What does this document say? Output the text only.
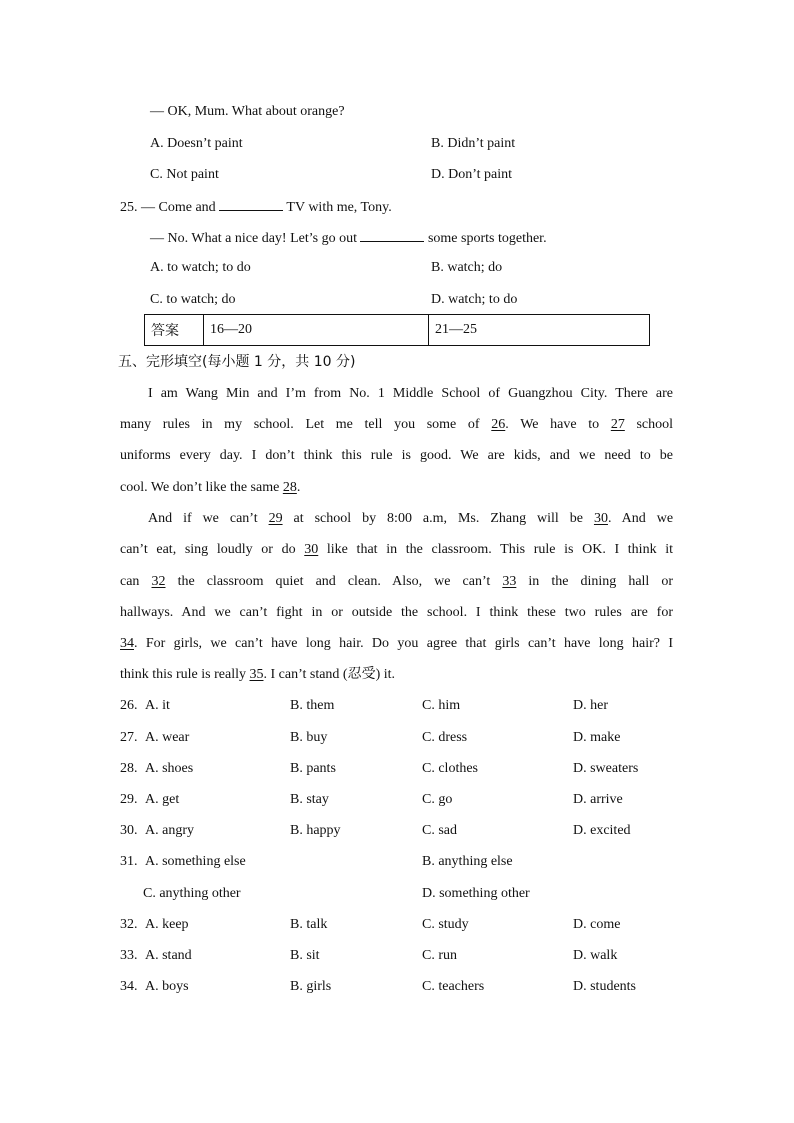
— OK, Mum. What about orange?
A. Doesn’t paint	B. Didn’t paint
C. Not paint	D. Don’t paint
25. — Come and	TV with me, Tony.
— No. What a nice day! Let’s go out	some sports together.
A. to watch; to do	B. watch; do
C. to watch; do	D. watch; to do
答案	16—20	21—25
五、完形填空(每小题 1 分，共 10 分)
I am Wang Min and I’m from No. 1 Middle School of Guangzhou City. There are
many rules in my school. Let me tell you some of 26. We have to 27 school
uniforms every day. I don’t think this rule is good. We are kids, and we need to be
cool. We don’t like the same 28.
And if we can’t 29 at school by 8:00 a.m, Ms. Zhang will be 30. And we
can’t eat, sing loudly or do 30 like that in the classroom. This rule is OK. I think it
can 32 the classroom quiet and clean. Also, we can’t 33 in the dining hall or
hallways. And we can’t fight in or outside the school. I think these two rules are for
34. For girls, we can’t have long hair. Do you agree that girls can’t have long hair? I
think this rule is really 35. I can’t stand (忍受) it.
26. A. it	B. them	C. him	D. her
27. A. wear	B. buy	C. dress	D. make
28. A. shoes	B. pants	C. clothes	D. sweaters
29. A. get	B. stay	C. go	D. arrive
30. A. angry	B. happy	C. sad	D. excited
31. A. something else	B. anything else
C. anything other	D. something other
32. A. keep	B. talk	C. study	D. come
33. A. stand	B. sit	C. run	D. walk
34. A. boys	B. girls	C. teachers	D. students
